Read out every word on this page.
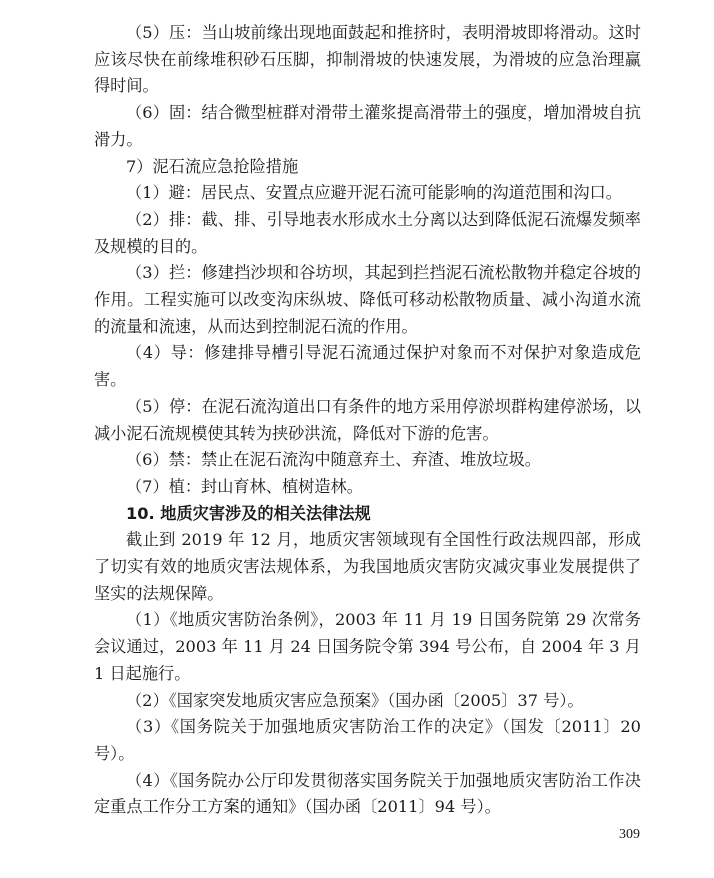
（5）压：当山坡前缘出现地面鼓起和推挤时，表明滑坡即将滑动。这时应该尽快在前缘堆积砂石压脚，抑制滑坡的快速发展，为滑坡的应急治理赢得时间。

（6）固：结合微型桩群对滑带土灌浆提高滑带土的强度，增加滑坡自抗滑力。

7）泥石流应急抢险措施

（1）避：居民点、安置点应避开泥石流可能影响的沟道范围和沟口。

（2）排：截、排、引导地表水形成水土分离以达到降低泥石流爆发频率及规模的目的。

（3）拦：修建挡沙坝和谷坊坝，其起到拦挡泥石流松散物并稳定谷坡的作用。工程实施可以改变沟床纵坡、降低可移动松散物质量、减小沟道水流的流量和流速，从而达到控制泥石流的作用。

（4）导：修建排导槽引导泥石流通过保护对象而不对保护对象造成危害。

（5）停：在泥石流沟道出口有条件的地方采用停淤坝群构建停淤场，以减小泥石流规模使其转为挟砂洪流，降低对下游的危害。

（6）禁：禁止在泥石流沟中随意弃土、弃渣、堆放垃圾。

（7）植：封山育林、植树造林。

10. 地质灾害涉及的相关法律法规

截止到 2019 年 12 月，地质灾害领域现有全国性行政法规四部，形成了切实有效的地质灾害法规体系，为我国地质灾害防灾减灾事业发展提供了坚实的法规保障。

（1）《地质灾害防治条例》，2003 年 11 月 19 日国务院第 29 次常务会议通过，2003 年 11 月 24 日国务院令第 394 号公布，自 2004 年 3 月 1 日起施行。

（2）《国家突发地质灾害应急预案》（国办函〔2005〕37 号）。

（3）《国务院关于加强地质灾害防治工作的决定》（国发〔2011〕20 号）。

（4）《国务院办公厅印发贯彻落实国务院关于加强地质灾害防治工作决定重点工作分工方案的通知》（国办函〔2011〕94 号）。

309
